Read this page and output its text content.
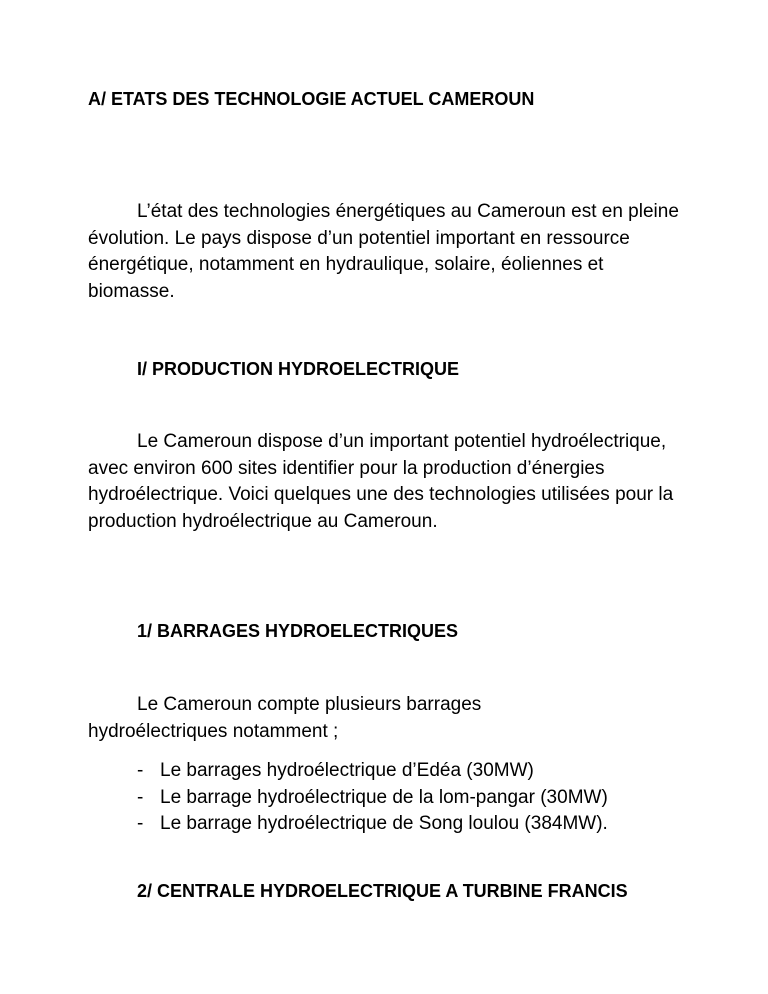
A/ ETATS DES TECHNOLOGIE ACTUEL CAMEROUN

L’état des technologies énergétiques au Cameroun est en pleine évolution. Le pays dispose d’un potentiel important en ressource énergétique, notamment en hydraulique, solaire, éoliennes et biomasse.

I/ PRODUCTION HYDROELECTRIQUE

Le Cameroun dispose d’un important potentiel hydroélectrique, avec environ 600 sites identifier pour la production d’énergies hydroélectrique. Voici quelques une des technologies utilisées pour la production hydroélectrique au Cameroun.

1/ BARRAGES HYDROELECTRIQUES

Le Cameroun compte plusieurs barrages hydroélectriques notamment ;

- Le barrages hydroélectrique d’Edéa (30MW)
- Le barrage hydroélectrique de la lom-pangar (30MW)
- Le barrage hydroélectrique de Song loulou (384MW).
2/ CENTRALE HYDROELECTRIQUE A TURBINE FRANCIS
